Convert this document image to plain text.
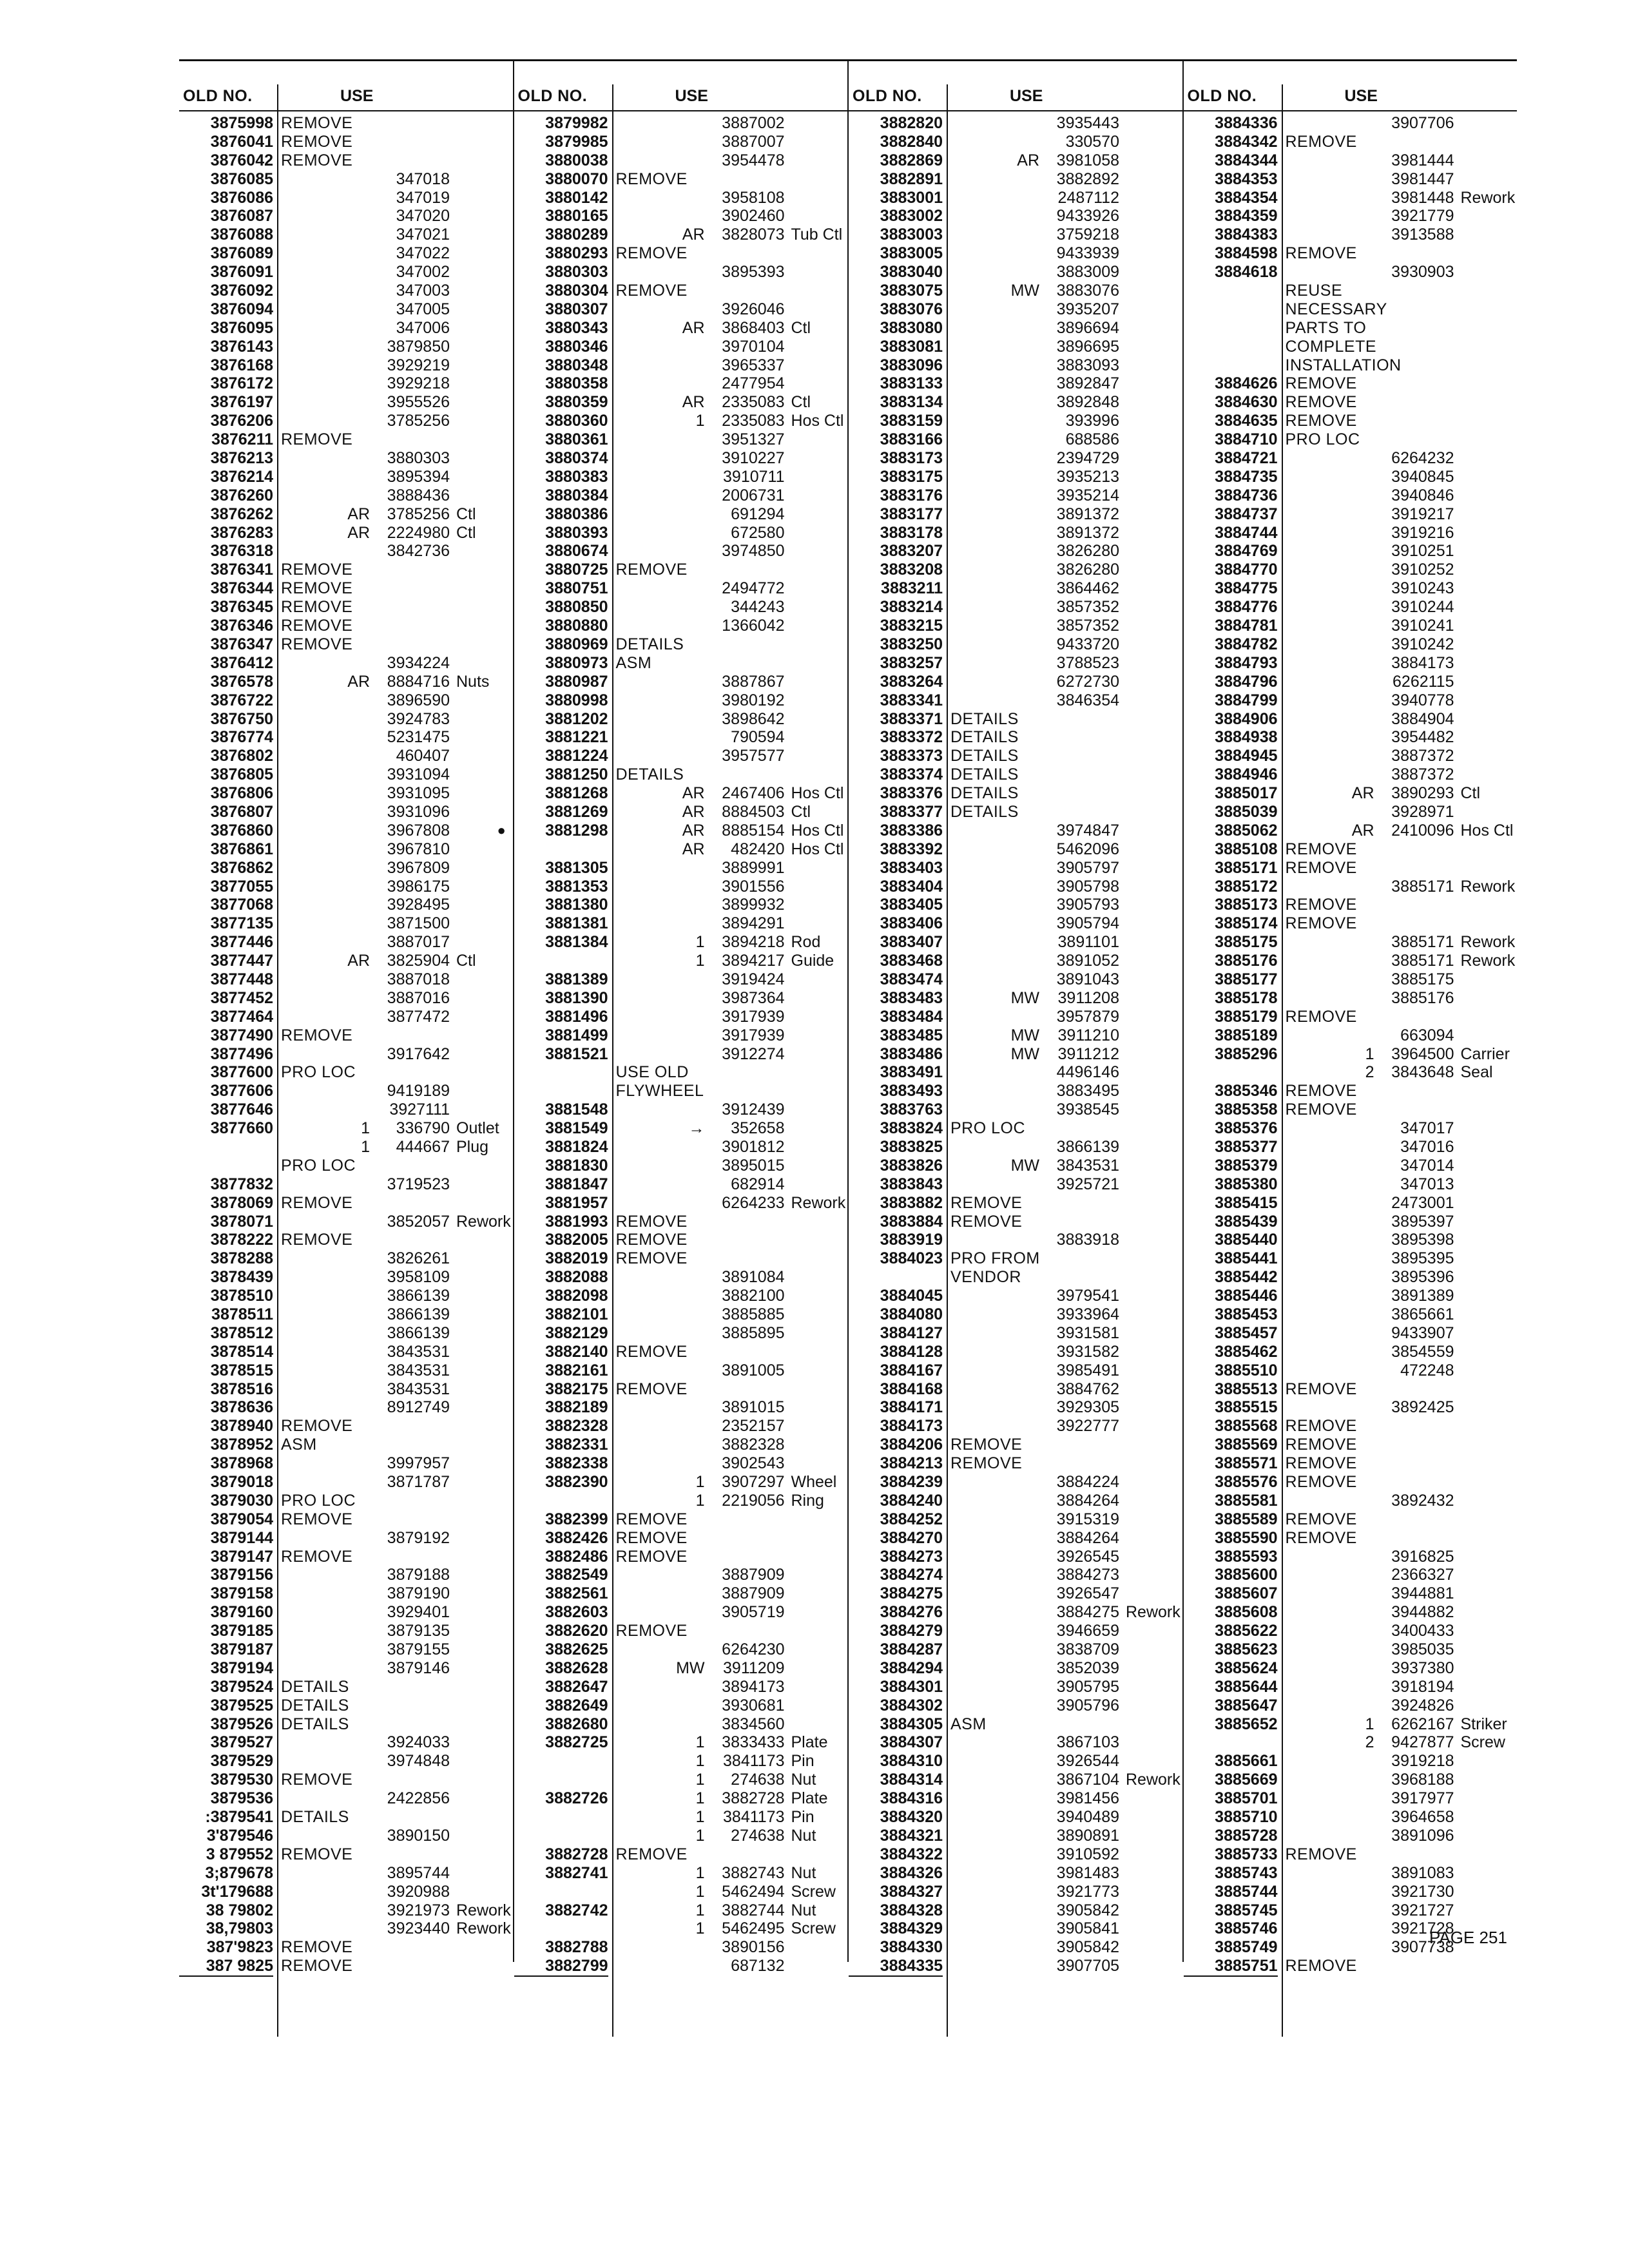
OLD NO.	USE
3875998 REMOVE
3876041 REMOVE
3876042 REMOVE
3876085	347018
3876086	347019
3876087	347020
3876088	347021
3876089	347022
3876091	347002
3876092	347003
3876094	347005
3876095	347006
3876143	3879850
3876168	3929219
3876172	3929218
3876197	3955526
3876206	3785256
3876211 REMOVE
3876213	3880303
3876214	3895394
3876260	3888436
3876262	AR	3785256 Ctl
3876283	AR	2224980 Ctl
3876318	3842736
3876341 REMOVE
3876344 REMOVE
3876345 REMOVE
3876346 REMOVE
3876347 REMOVE
3876412	3934224
3876578	AR	8884716 Nuts
3876722	3896590
3876750	3924783
3876774	5231475
3876802	460407
3876805	3931094
3876806	3931095
3876807	3931096
3876860	3967808
3876861	3967810
3876862	3967809
3877055	3986175
3877068	3928495
3877135	3871500
3877446	3887017
3877447	AR	3825904 Ctl
3877448	3887018
3877452	3887016
3877464	3877472
3877490 REMOVE
3877496	3917642
3877600 PRO LOC
3877606	9419189
3877646	3927111
3877660	1	336790 Outlet
1	444667 Plug
PRO LOC
3877832	3719523
3878069 REMOVE
3878071	3852057 Rework
3878222 REMOVE
3878288	3826261
3878439	3958109
3878510	3866139
3878511	3866139
3878512	3866139
3878514	3843531
3878515	3843531
3878516	3843531
3878636	8912749
3878940 REMOVE
3878952 ASM
3878968	3997957
3879018	3871787
3879030 PRO LOC
3879054 REMOVE
3879144	3879192
3879147 REMOVE
3879156	3879188
3879158	3879190
3879160	3929401
3879185	3879135
3879187	3879155
3879194	3879146
3879524 DETAILS
3879525 DETAILS
3879526 DETAILS
3879527	3924033
3879529	3974848
3879530 REMOVE
3879536	2422856
:3879541 DETAILS
3'879546	3890150
3 879552 REMOVE
3;879678	3895744
3t'179688	3920988
38 79802	3921973 Rework
38,79803	3923440 Rework
387'9823 REMOVE
387 9825 REMOVE
OLD NO.	USE
3879982	3887002
3879985	3887007
3880038	3954478
3880070 REMOVE
3880142	3958108
3880165	3902460
3880289	AR	3828073 Tub Ctl
3880293 REMOVE
3880303	3895393
3880304 REMOVE
3880307	3926046
3880343	AR	3868403 Ctl
3880346	3970104
3880348	3965337
3880358	2477954
3880359	AR	2335083 Ctl
3880360	1	2335083 Hos Ctl
3880361	3951327
3880374	3910227
3880383	3910711
3880384	2006731
3880386	691294
3880393	672580
3880674	3974850
3880725 REMOVE
3880751	2494772
3880850	344243
3880880	1366042
3880969 DETAILS
3880973 ASM
3880987	3887867
3880998	3980192
3881202	3898642
3881221	790594
3881224	3957577
3881250 DETAILS
3881268	AR	2467406 Hos Ctl
3881269	AR	8884503 Ctl
●	3881298	AR	8885154 Hos Ctl
AR	482420 Hos Ctl
3881305	3889991
3881353	3901556
3881380	3899932
3881381	3894291
3881384	1	3894218 Rod
1	3894217 Guide
3881389	3919424
3881390	3987364
3881496	3917939
3881499	3917939
3881521	3912274
USE OLD
FLYWHEEL
3881548	3912439
3881549	→	352658
3881824	3901812
3881830	3895015
3881847	682914
3881957	6264233 Rework
3881993 REMOVE
3882005 REMOVE
3882019 REMOVE
3882088	3891084
3882098	3882100
3882101	3885885
3882129	3885895
3882140 REMOVE
3882161	3891005
3882175 REMOVE
3882189	3891015
3882328	2352157
3882331	3882328
3882338	3902543
3882390	1	3907297 Wheel
1	2219056 Ring
3882399 REMOVE
3882426 REMOVE
3882486 REMOVE
3882549	3887909
3882561	3887909
3882603	3905719
3882620 REMOVE
3882625	6264230
3882628	MW	3911209
3882647	3894173
3882649	3930681
3882680	3834560
3882725	1	3833433 Plate
1	3841173 Pin
1	274638 Nut
3882726	1	3882728 Plate
1	3841173 Pin
1	274638 Nut
3882728 REMOVE
3882741	1	3882743 Nut
1	5462494 Screw
3882742	1	3882744 Nut
1	5462495 Screw
3882788	3890156
3882799	687132
OLD NO.	USE
3882820	3935443
3882840	330570
3882869	AR	3981058
3882891	3882892
3883001	2487112
3883002	9433926
3883003	3759218
3883005	9433939
3883040	3883009
3883075	MW	3883076
3883076	3935207
3883080	3896694
3883081	3896695
3883096	3883093
3883133	3892847
3883134	3892848
3883159	393996
3883166	688586
3883173	2394729
3883175	3935213
3883176	3935214
3883177	3891372
3883178	3891372
3883207	3826280
3883208	3826280
3883211	3864462
3883214	3857352
3883215	3857352
3883250	9433720
3883257	3788523
3883264	6272730
3883341	3846354
3883371 DETAILS
3883372 DETAILS
3883373 DETAILS
3883374 DETAILS
3883376 DETAILS
3883377 DETAILS
3883386	3974847
3883392	5462096
3883403	3905797
3883404	3905798
3883405	3905793
3883406	3905794
3883407	3891101
3883468	3891052
3883474	3891043
3883483	MW	3911208
3883484	3957879
3883485	MW	3911210
3883486	MW	3911212
3883491	4496146
3883493	3883495
3883763	3938545
3883824 PRO LOC
3883825	3866139
3883826	MW	3843531
3883843	3925721
3883882 REMOVE
3883884 REMOVE
3883919	3883918
3884023 PRO FROM
VENDOR
3884045	3979541
3884080	3933964
3884127	3931581
3884128	3931582
3884167	3985491
3884168	3884762
3884171	3929305
3884173	3922777
3884206 REMOVE
3884213 REMOVE
3884239	3884224
3884240	3884264
3884252	3915319
3884270	3884264
3884273	3926545
3884274	3884273
3884275	3926547
3884276	3884275 Rework
3884279	3946659
3884287	3838709
3884294	3852039
3884301	3905795
3884302	3905796
3884305 ASM
3884307	3867103
3884310	3926544
3884314	3867104 Rework
3884316	3981456
3884320	3940489
3884321	3890891
3884322	3910592
3884326	3981483
3884327	3921773
3884328	3905842
3884329	3905841
3884330	3905842
3884335	3907705
OLD NO.	USE
3884336	3907706
3884342 REMOVE
3884344	3981444
3884353	3981447
3884354	3981448 Rework
3884359	3921779
3884383	3913588
3884598 REMOVE
3884618	3930903
REUSE
NECESSARY
PARTS TO
COMPLETE
INSTALLATION
3884626 REMOVE
3884630 REMOVE
3884635 REMOVE
3884710 PRO LOC
3884721	6264232
3884735	3940845
3884736	3940846
3884737	3919217
3884744	3919216
3884769	3910251
3884770	3910252
3884775	3910243
3884776	3910244
3884781	3910241
3884782	3910242
3884793	3884173
3884796	6262115
3884799	3940778
3884906	3884904
3884938	3954482
3884945	3887372
3884946	3887372
3885017	AR	3890293 Ctl
3885039	3928971
3885062	AR	2410096 Hos Ctl
3885108 REMOVE
3885171 REMOVE
3885172	3885171 Rework
3885173 REMOVE
3885174 REMOVE
3885175	3885171 Rework
3885176	3885171 Rework
3885177	3885175
3885178	3885176
3885179 REMOVE
3885189	663094
3885296	1	3964500 Carrier
2	3843648 Seal
3885346 REMOVE
3885358 REMOVE
3885376	347017
3885377	347016
3885379	347014
3885380	347013
3885415	2473001
3885439	3895397
3885440	3895398
3885441	3895395
3885442	3895396
3885446	3891389
3885453	3865661
3885457	9433907
3885462	3854559
3885510	472248
3885513 REMOVE
3885515	3892425
3885568 REMOVE
3885569 REMOVE
3885571 REMOVE
3885576 REMOVE
3885581	3892432
3885589 REMOVE
3885590 REMOVE
3885593	3916825
3885600	2366327
3885607	3944881
3885608	3944882
3885622	3400433
3885623	3985035
3885624	3937380
3885644	3918194
3885647	3924826
3885652	1	6262167 Striker
2	9427877 Screw
3885661	3919218
3885669	3968188
3885701	3917977
3885710	3964658
3885728	3891096
3885733 REMOVE
3885743	3891083
3885744	3921730
3885745	3921727
3885746	3921728
3885749	3907738
3885751 REMOVE
PAGE 251
